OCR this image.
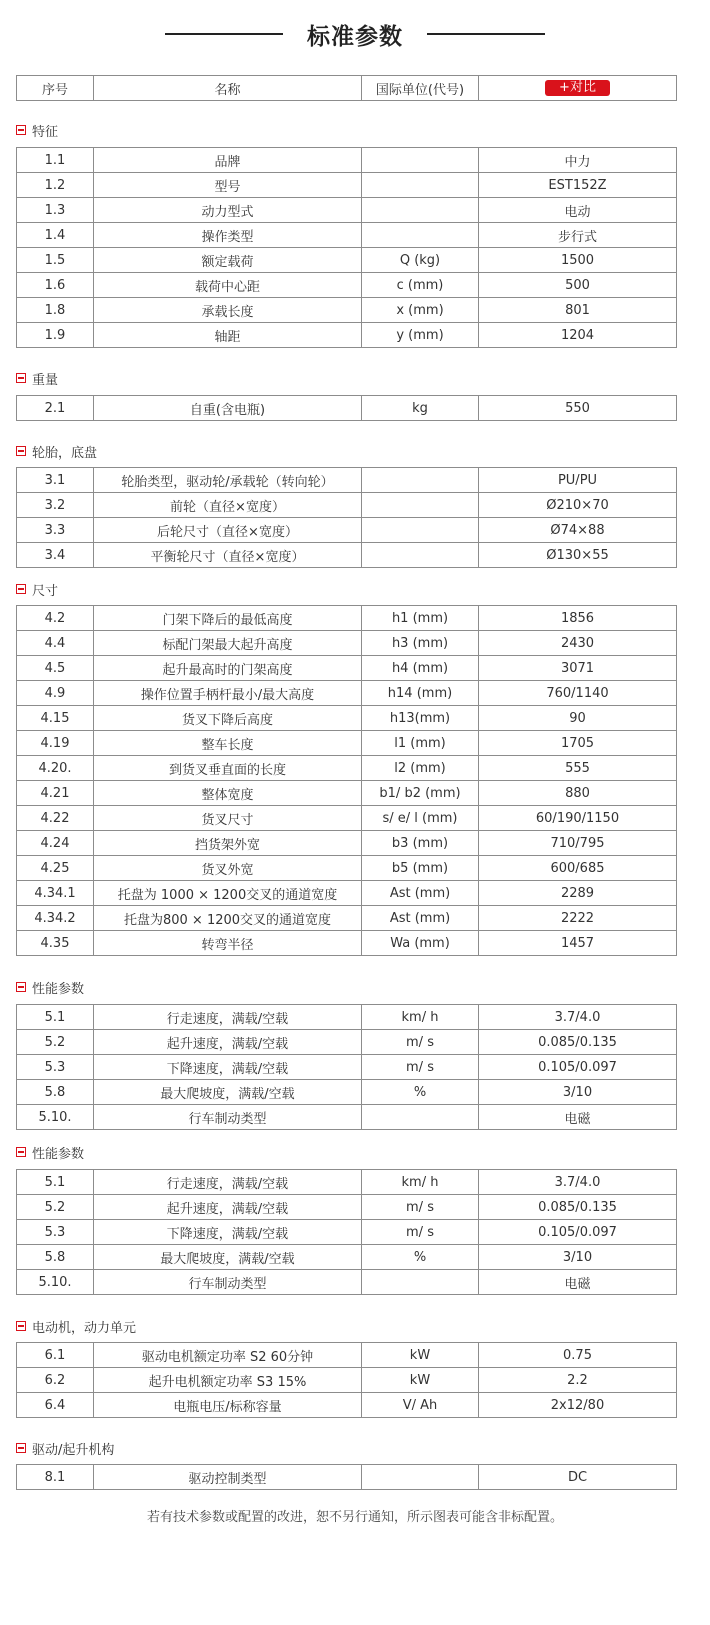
标准参数
序号	名称	国际单位(代号)	+对比
特征
1.1	品牌		中力
1.2	型号		EST152Z
1.3	动力型式		电动
1.4	操作类型		步行式
1.5	额定载荷	Q (kg)	1500
1.6	载荷中心距	c (mm)	500
1.8	承载长度	x (mm)	801
1.9	轴距	y (mm)	1204
重量
2.1	自重(含电瓶)	kg	550
轮胎，底盘
3.1	轮胎类型，驱动轮/承载轮（转向轮）		PU/PU
3.2	前轮（直径×宽度）		Ø210×70
3.3	后轮尺寸（直径×宽度）		Ø74×88
3.4	平衡轮尺寸（直径×宽度）		Ø130×55
尺寸
4.2	门架下降后的最低高度	h1 (mm)	1856
4.4	标配门架最大起升高度	h3 (mm)	2430
4.5	起升最高时的门架高度	h4 (mm)	3071
4.9	操作位置手柄杆最小/最大高度	h14 (mm)	760/1140
4.15	货叉下降后高度	h13(mm)	90
4.19	整车长度	l1 (mm)	1705
4.20.	到货叉垂直面的长度	l2 (mm)	555
4.21	整体宽度	b1/ b2 (mm)	880
4.22	货叉尺寸	s/ e/ l (mm)	60/190/1150
4.24	挡货架外宽	b3 (mm)	710/795
4.25	货叉外宽	b5 (mm)	600/685
4.34.1	托盘为 1000 × 1200交叉的通道宽度	Ast (mm)	2289
4.34.2	托盘为800 × 1200交叉的通道宽度	Ast (mm)	2222
4.35	转弯半径	Wa (mm)	1457
性能参数
5.1	行走速度，满载/空载	km/ h	3.7/4.0
5.2	起升速度，满载/空载	m/ s	0.085/0.135
5.3	下降速度，满载/空载	m/ s	0.105/0.097
5.8	最大爬坡度，满载/空载	%	3/10
5.10.	行车制动类型		电磁
性能参数
5.1	行走速度，满载/空载	km/ h	3.7/4.0
5.2	起升速度，满载/空载	m/ s	0.085/0.135
5.3	下降速度，满载/空载	m/ s	0.105/0.097
5.8	最大爬坡度，满载/空载	%	3/10
5.10.	行车制动类型		电磁
电动机，动力单元
6.1	驱动电机额定功率 S2 60分钟	kW	0.75
6.2	起升电机额定功率 S3 15%	kW	2.2
6.4	电瓶电压/标称容量	V/ Ah	2x12/80
驱动/起升机构
8.1	驱动控制类型		DC
若有技术参数或配置的改进，恕不另行通知，所示图表可能含非标配置。
